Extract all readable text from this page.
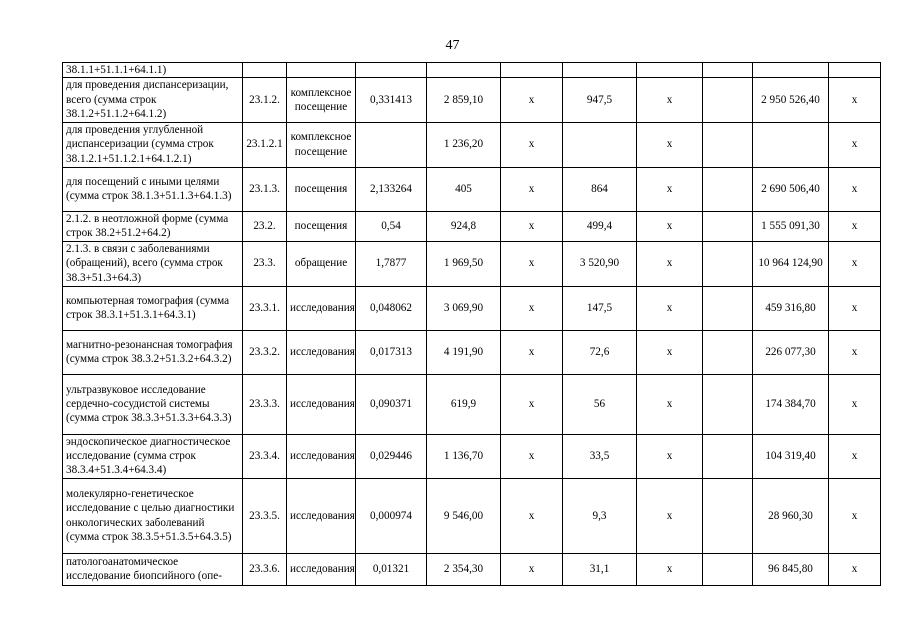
47
38.1.1+51.1.1+64.1.1)										
для проведения диспансеризации, всего (сумма строк 38.1.2+51.1.2+64.1.2)	23.1.2.	комплексное посещение	0,331413	2 859,10	х	947,5	х		2 950 526,40	х
для проведения углубленной диспансеризации (сумма строк 38.1.2.1+51.1.2.1+64.1.2.1)	23.1.2.1	комплексное посещение		1 236,20	х		х			х
для посещений с иными целями (сумма строк 38.1.3+51.1.3+64.1.3)	23.1.3.	посещения	2,133264	405	х	864	х		2 690 506,40	х
2.1.2. в неотложной форме (сумма строк 38.2+51.2+64.2)	23.2.	посещения	0,54	924,8	х	499,4	х		1 555 091,30	х
2.1.3. в связи с заболеваниями (обращений), всего (сумма строк 38.3+51.3+64.3)	23.3.	обращение	1,7877	1 969,50	х	3 520,90	х		10 964 124,90	х
компьютерная томография (сумма строк 38.3.1+51.3.1+64.3.1)	23.3.1.	исследования	0,048062	3 069,90	х	147,5	х		459 316,80	х
магнитно-резонансная томография (сумма строк 38.3.2+51.3.2+64.3.2)	23.3.2.	исследования	0,017313	4 191,90	х	72,6	х		226 077,30	х
ультразвуковое исследование сердечно-сосудистой системы (сумма строк 38.3.3+51.3.3+64.3.3)	23.3.3.	исследования	0,090371	619,9	х	56	х		174 384,70	х
эндоскопическое диагностическое исследование (сумма строк 38.3.4+51.3.4+64.3.4)	23.3.4.	исследования	0,029446	1 136,70	х	33,5	х		104 319,40	х
молекулярно-генетическое исследование с целью диагностики онкологических заболеваний (сумма строк 38.3.5+51.3.5+64.3.5)	23.3.5.	исследования	0,000974	9 546,00	х	9,3	х		28 960,30	х
патологоанатомическое исследование биопсийного (опе-	23.3.6.	исследования	0,01321	2 354,30	х	31,1	х		96 845,80	х
